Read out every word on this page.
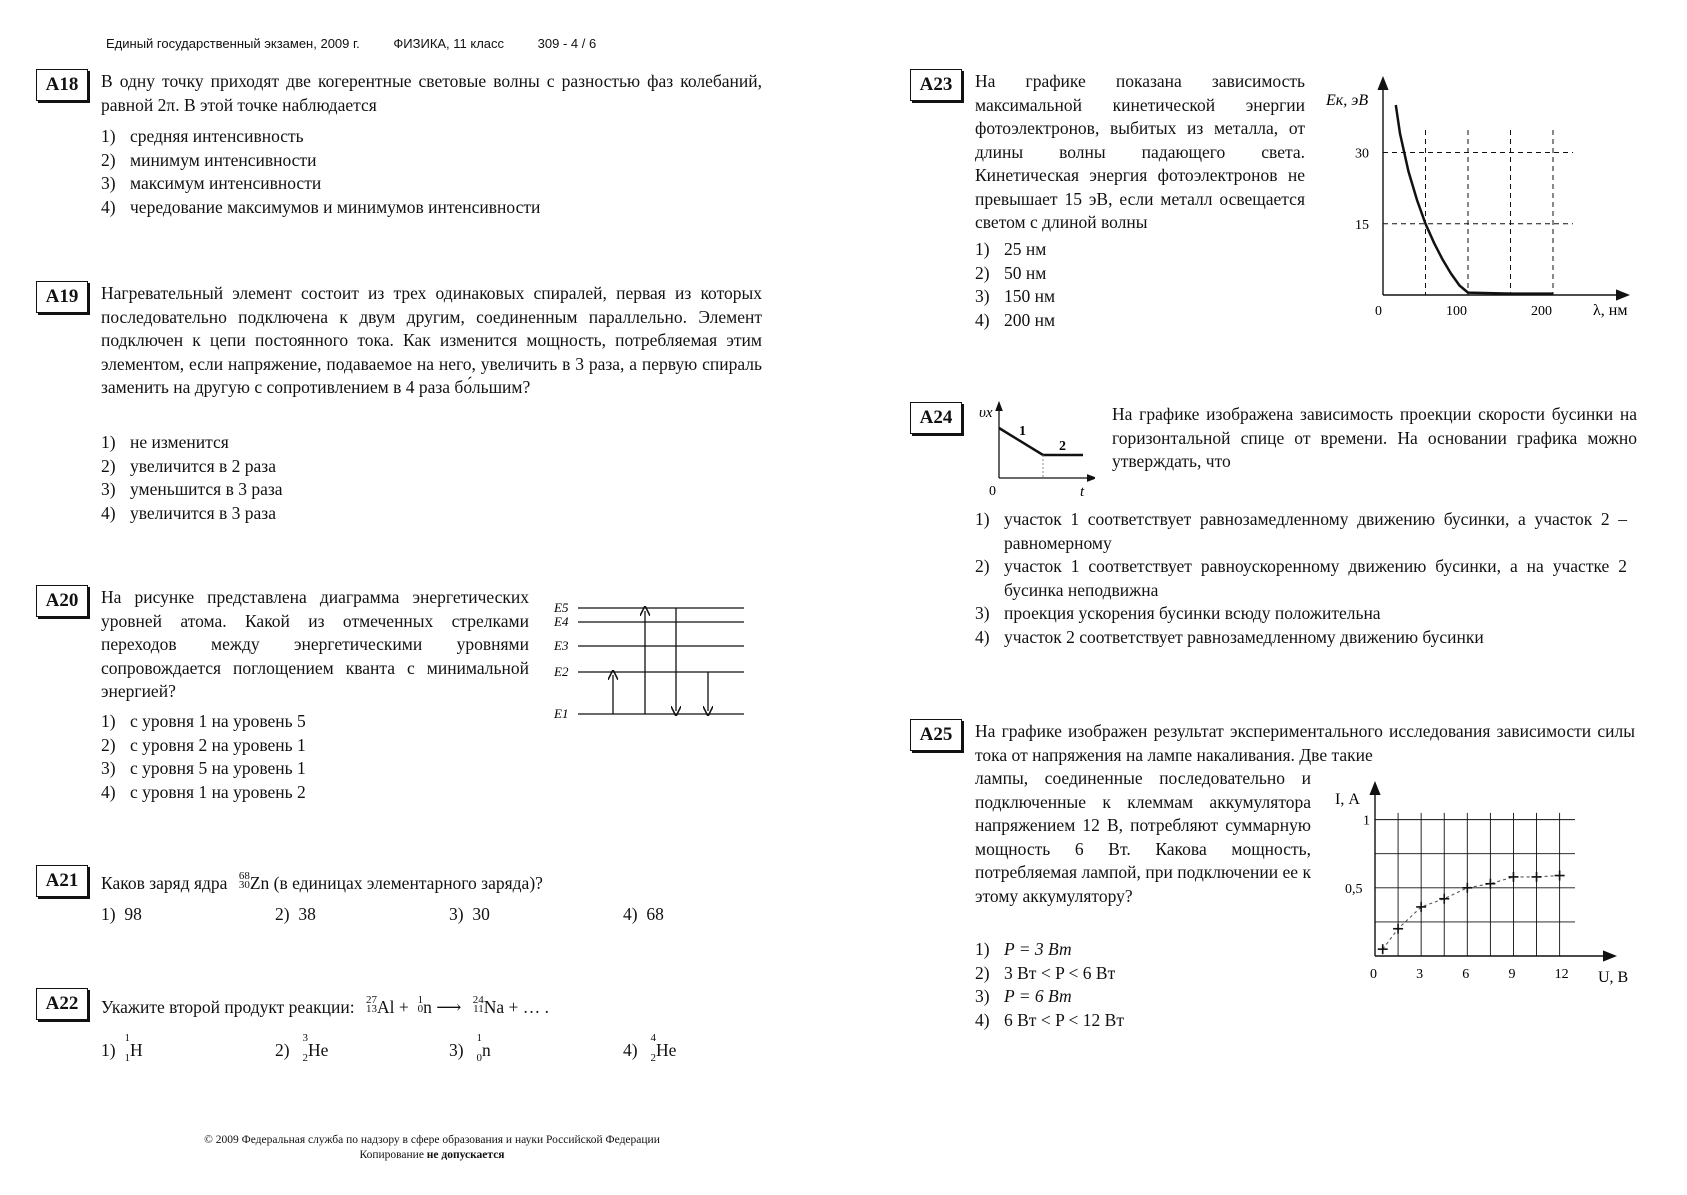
Единый государственный экзамен, 2009 г.	ФИЗИКА, 11 класс	309 - 4 / 6
А18	В одну точку приходят две когерентные световые волны с разностью фаз колебаний, равной 2π. В этой точке наблюдается
1) средняя интенсивность
2) минимум интенсивности
3) максимум интенсивности
4) чередование максимумов и минимумов интенсивности
А19	Нагревательный элемент состоит из трех одинаковых спиралей, первая из которых последовательно подключена к двум другим, соединенным параллельно. Элемент подключен к цепи постоянного тока. Как изменится мощность, потребляемая этим элементом, если напряжение, подаваемое на него, увеличить в 3 раза, а первую спираль заменить на другую с сопротивлением в 4 раза бо́льшим?
1) не изменится
2) увеличится в 2 раза
3) уменьшится в 3 раза
4) увеличится в 3 раза
А20	На рисунке представлена диаграмма энергетических уровней атома. Какой из отмеченных стрелками переходов между энергетическими уровнями сопровождается поглощением кванта с минимальной энергией?
1) с уровня 1 на уровень 5
2) с уровня 2 на уровень 1
3) с уровня 5 на уровень 1
4) с уровня 1 на уровень 2
E5
E4
E3
E2
E1
А21	Каков заряд ядра 68
30 Zn (в единицах элементарного заряда)?
1) 98	2) 38	3) 30	4) 68
А22	Укажите второй продукт реакции: 27
13 Al + 1
0 n ⟶ 24
11 Na + … .
1)
1
1 H	2)
3
2 He	3)
1
0 n	4)
4
2 He
А23	На графике показана зависимость максимальной кинетической энергии фотоэлектронов, выбитых из металла, от длины волны падающего света. Кинетическая энергия фотоэлектронов не превышает 15 эВ, если металл освещается светом с длиной волны
1) 25 нм
2) 50 нм
3) 150 нм
4) 200 нм	0	100	200
15
30
Eк, эВ
λ, нм
А24	υx
t
0
1
2
На графике изображена зависимость проекции скорости бусинки на горизонтальной спице от времени. На основании графика можно утверждать, что
1) участок 1 соответствует равнозамедленному движению бусинки, а участок 2 – равномерному
2) участок 1 соответствует равноускоренному движению бусинки, а на участке 2 бусинка неподвижна
3) проекция ускорения бусинки всюду положительна
4) участок 2 соответствует равнозамедленному движению бусинки
А25	На графике изображен результат экспериментального исследования зависимости силы тока от напряжения на лампе накаливания. Две такие
лампы, соединенные последовательно и подключенные к клеммам аккумулятора напряжением 12 В, потребляют суммарную мощность 6 Вт. Какова мощность, потребляемая лампой, при подключении ее к этому аккумулятору?
1) P = 3 Вт
2) 3 Вт < P < 6 Вт
3) P = 6 Вт
4) 6 Вт < P < 12 Вт
0	3	6	9	12
0,5
1
I, А
U, В
© 2009 Федеральная служба по надзору в сфере образования и науки Российской Федерации
Копирование не допускается
